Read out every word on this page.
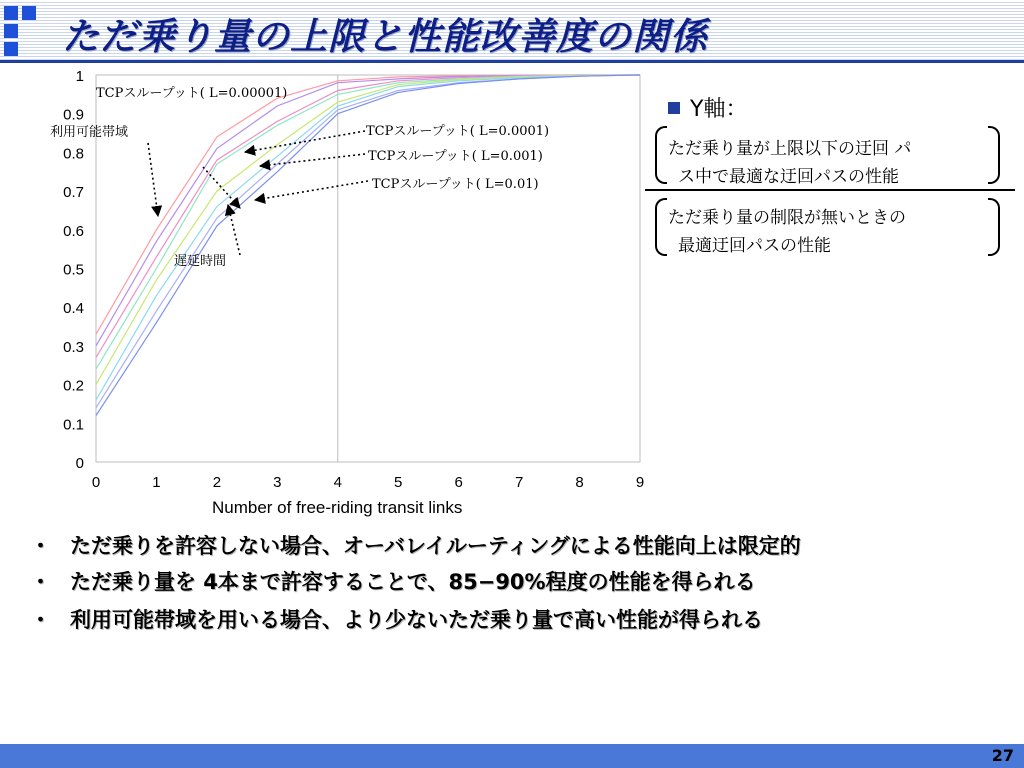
ただ乗り量の上限と性能改善度の関係
0
0.1
0.2
0.3
0.4
0.5
0.6
0.7
0.8
0.9
1
0	1	2	3	4	5	6	7	8	9
TCPスループット( L=0.00001)
利用可能帯域	TCPスループット( L=0.0001)
TCPスループット( L=0.001)
TCPスループット( L=0.01)
遅延時間
Number of free-riding transit links
Y軸：
ただ乗り量が上限以下の迂回 パ
ス中で最適な迂回パスの性能
ただ乗り量の制限が無いときの
最適迂回パスの性能
・ ただ乗りを許容しない場合、オーバレイルーティングによる性能向上は限定的
・ ただ乗り量を 4本まで許容することで、85−90%程度の性能を得られる
・ 利用可能帯域を用いる場合、より少ないただ乗り量で高い性能が得られる
27
